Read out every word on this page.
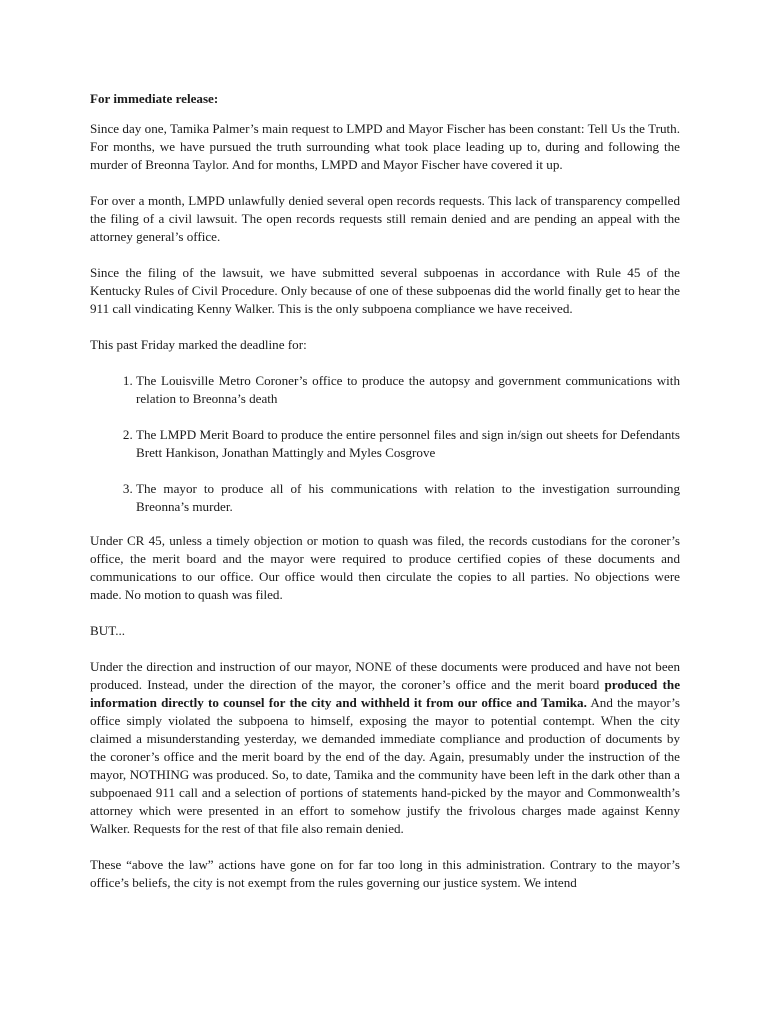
For immediate release:

Since day one, Tamika Palmer’s main request to LMPD and Mayor Fischer has been constant: Tell Us the Truth. For months, we have pursued the truth surrounding what took place leading up to, during and following the murder of Breonna Taylor. And for months, LMPD and Mayor Fischer have covered it up.

For over a month, LMPD unlawfully denied several open records requests. This lack of transparency compelled the filing of a civil lawsuit. The open records requests still remain denied and are pending an appeal with the attorney general’s office.

Since the filing of the lawsuit, we have submitted several subpoenas in accordance with Rule 45 of the Kentucky Rules of Civil Procedure. Only because of one of these subpoenas did the world finally get to hear the 911 call vindicating Kenny Walker. This is the only subpoena compliance we have received.

This past Friday marked the deadline for:

1. The Louisville Metro Coroner’s office to produce the autopsy and government communications with relation to Breonna’s death
2. The LMPD Merit Board to produce the entire personnel files and sign in/sign out sheets for Defendants Brett Hankison, Jonathan Mattingly and Myles Cosgrove
3. The mayor to produce all of his communications with relation to the investigation surrounding Breonna’s murder.

Under CR 45, unless a timely objection or motion to quash was filed, the records custodians for the coroner’s office, the merit board and the mayor were required to produce certified copies of these documents and communications to our office. Our office would then circulate the copies to all parties. No objections were made. No motion to quash was filed.

BUT...

Under the direction and instruction of our mayor, NONE of these documents were produced and have not been produced. Instead, under the direction of the mayor, the coroner’s office and the merit board produced the information directly to counsel for the city and withheld it from our office and Tamika. And the mayor’s office simply violated the subpoena to himself, exposing the mayor to potential contempt. When the city claimed a misunderstanding yesterday, we demanded immediate compliance and production of documents by the coroner’s office and the merit board by the end of the day. Again, presumably under the instruction of the mayor, NOTHING was produced. So, to date, Tamika and the community have been left in the dark other than a subpoenaed 911 call and a selection of portions of statements hand-picked by the mayor and Commonwealth’s attorney which were presented in an effort to somehow justify the frivolous charges made against Kenny Walker. Requests for the rest of that file also remain denied.

These “above the law” actions have gone on for far too long in this administration. Contrary to the mayor’s office’s beliefs, the city is not exempt from the rules governing our justice system. We intend
